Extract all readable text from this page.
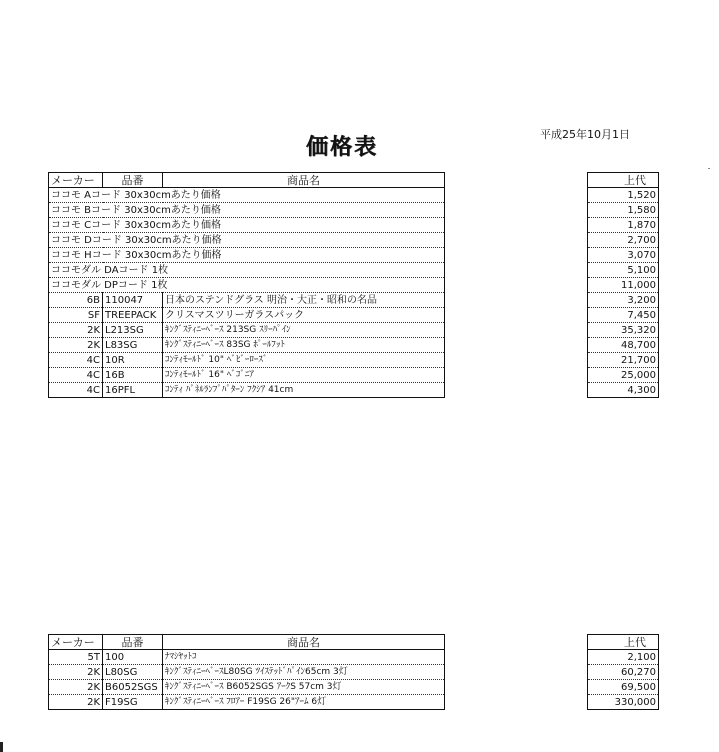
平成25年10月1日
価格表
メーカー	品番	商品名		上代
ココモ Aコード 30x30cmあたり価格				1,520
ココモ Bコード 30x30cmあたり価格				1,580
ココモ Cコード 30x30cmあたり価格				1,870
ココモ Dコード 30x30cmあたり価格				2,700
ココモ Hコード 30x30cmあたり価格				3,070
ココモダル DAコード 1枚				5,100
ココモダル DPコード 1枚				11,000
6B	110047	日本のステンドグラス 明治・大正・昭和の名品		3,200
SF	TREEPACK	クリスマスツリーガラスパック		7,450
2K	L213SG	ｷﾝｸﾞｽﾃｨﾆｰﾍﾞｰｽ 213SG ｽﾘｰﾊﾟｲﾝ		35,320
2K	L83SG	ｷﾝｸﾞｽﾃｨﾆｰﾍﾞｰｽ 83SG ﾎﾟｰﾙﾌｯﾄ		48,700
4C	10R	ｺﾝﾃｨﾓｰﾙﾄﾞ 10" ﾍﾞﾋﾞｰﾛｰｽﾞ		21,700
4C	16B	ｺﾝﾃｨﾓｰﾙﾄﾞ 16" ﾍﾞｺﾞﾆｱ		25,000
4C	16PFL	ｺﾝﾃｨ ﾊﾟﾈﾙﾗﾝﾌﾟﾊﾟﾀｰﾝ ﾌｸｼｱ 41cm		4,300
メーカー	品番	商品名		上代
5T	100	ﾅﾏｼﾔｯﾄｺ		2,100
2K	L80SG	ｷﾝｸﾞｽﾃｨﾆｰﾍﾞｰｽL80SG ﾂｲｽﾃｯﾄﾞﾊﾟｲﾝ65cm 3灯		60,270
2K	B6052SGS	ｷﾝｸﾞｽﾃｨﾆｰﾍﾞｰｽ B6052SGS ｱｰｸS 57cm 3灯		69,500
2K	F19SG	ｷﾝｸﾞｽﾃｨﾆｰﾍﾞｰｽ ﾌﾛｱｰ F19SG 26"ｱｰﾑ 6灯		330,000
